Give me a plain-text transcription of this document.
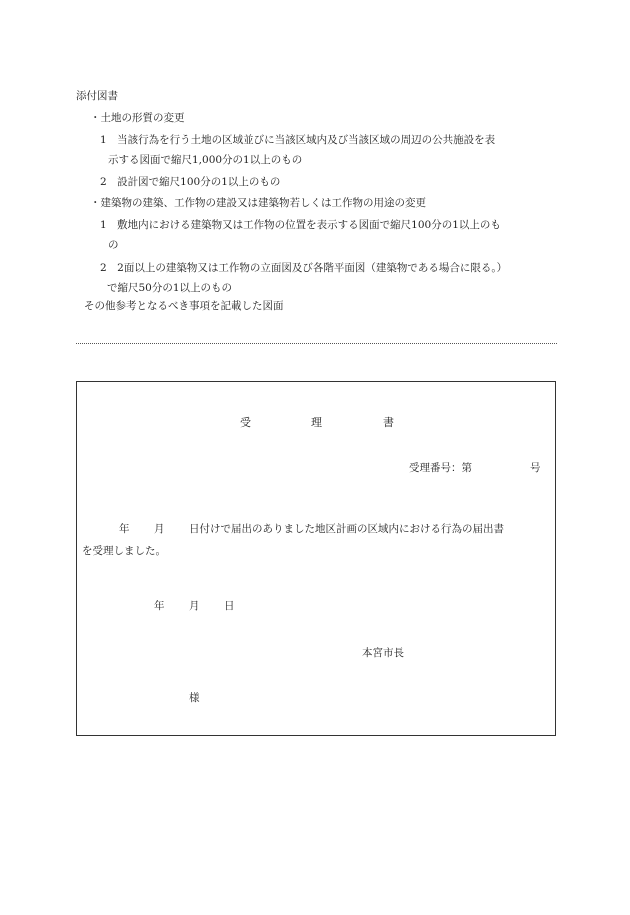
添付図書
・土地の形質の変更
1　当該行為を行う土地の区域並びに当該区域内及び当該区域の周辺の公共施設を表
示する図面で縮尺1,000分の1以上のもの
2　設計図で縮尺100分の1以上のもの
・建築物の建築、工作物の建設又は建築物若しくは工作物の用途の変更
1　敷地内における建築物又は工作物の位置を表示する図面で縮尺100分の1以上のも
の
2　2面以上の建築物又は工作物の立面図及び各階平面図（建築物である場合に限る。）
で縮尺50分の1以上のもの
その他参考となるべき事項を記載した図面
受	理	書
受理番号：第	号
年 月 日付けで届出のありました地区計画の区域内における行為の届出書
を受理しました。
年 月 日
本宮市長
様
